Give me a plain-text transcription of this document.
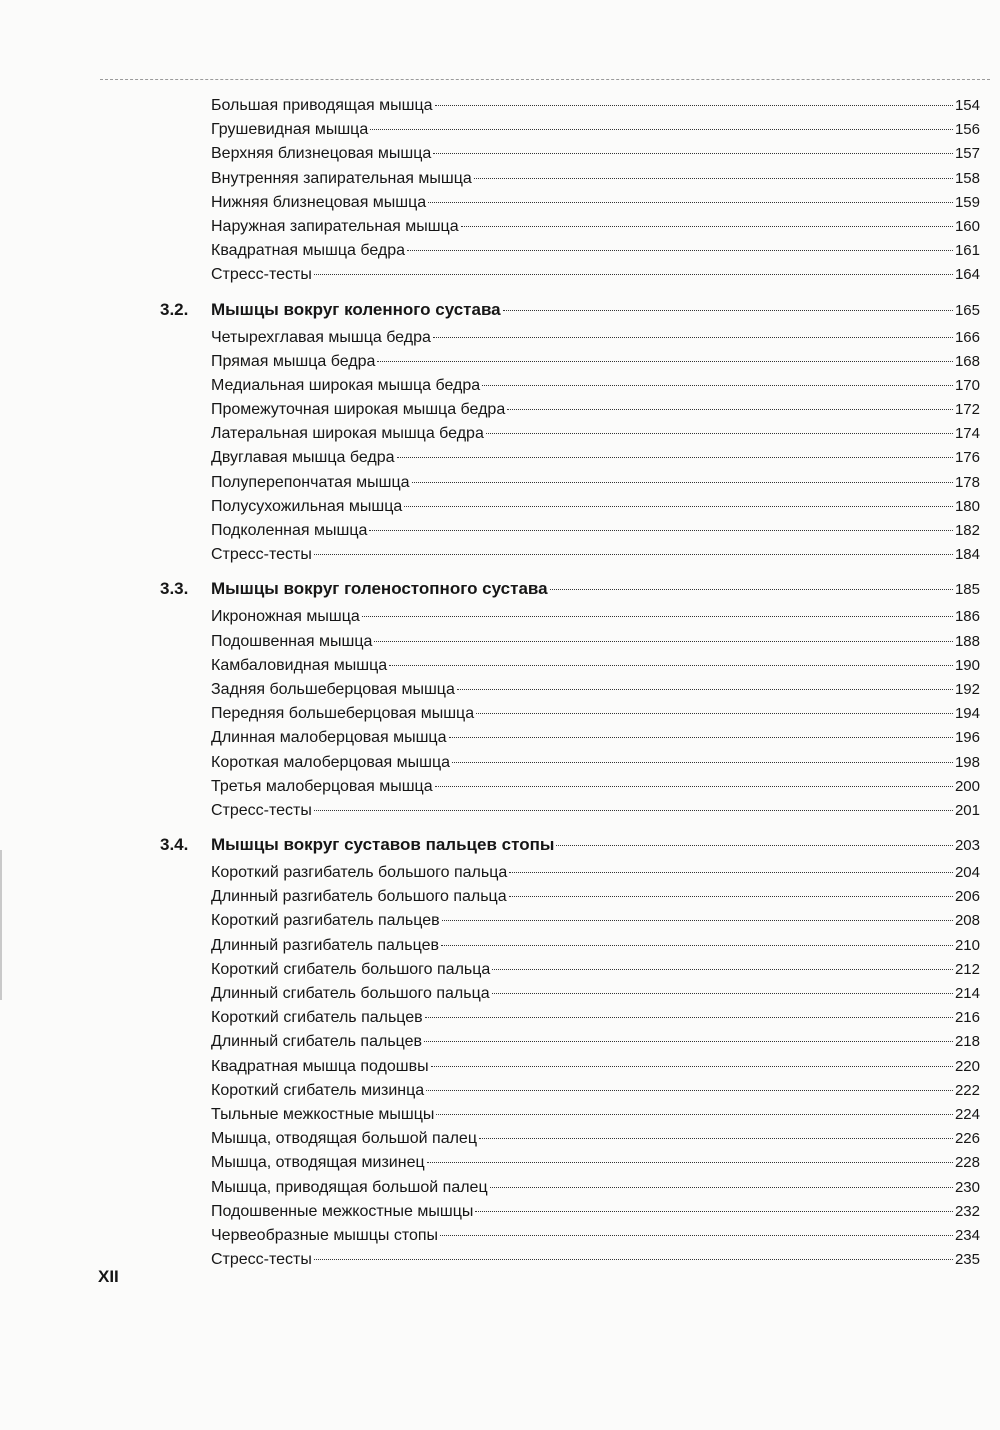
Большая приводящая мышца	154
Грушевидная мышца	156
Верхняя близнецовая мышца	157
Внутренняя запирательная мышца	158
Нижняя близнецовая мышца	159
Наружная запирательная мышца	160
Квадратная мышца бедра	161
Стресс-тесты	164
3.2.	Мышцы вокруг коленного сустава	165
Четырехглавая мышца бедра	166
Прямая мышца бедра	168
Медиальная широкая мышца бедра	170
Промежуточная широкая мышца бедра	172
Латеральная широкая мышца бедра	174
Двуглавая мышца бедра	176
Полуперепончатая мышца	178
Полусухожильная мышца	180
Подколенная мышца	182
Стресс-тесты	184
3.3.	Мышцы вокруг голеностопного сустава	185
Икроножная мышца	186
Подошвенная мышца	188
Камбаловидная мышца	190
Задняя большеберцовая мышца	192
Передняя большеберцовая мышца	194
Длинная малоберцовая мышца	196
Короткая малоберцовая мышца	198
Третья малоберцовая мышца	200
Стресс-тесты	201
3.4.	Мышцы вокруг суставов пальцев стопы	203
Короткий разгибатель большого пальца	204
Длинный разгибатель большого пальца	206
Короткий разгибатель пальцев	208
Длинный разгибатель пальцев	210
Короткий сгибатель большого пальца	212
Длинный сгибатель большого пальца	214
Короткий сгибатель пальцев	216
Длинный сгибатель пальцев	218
Квадратная мышца подошвы	220
Короткий сгибатель мизинца	222
Тыльные межкостные мышцы	224
Мышца, отводящая большой палец	226
Мышца, отводящая мизинец	228
Мышца, приводящая большой палец	230
Подошвенные межкостные мышцы	232
Червеобразные мышцы стопы	234
Стресс-тесты	235
XII
